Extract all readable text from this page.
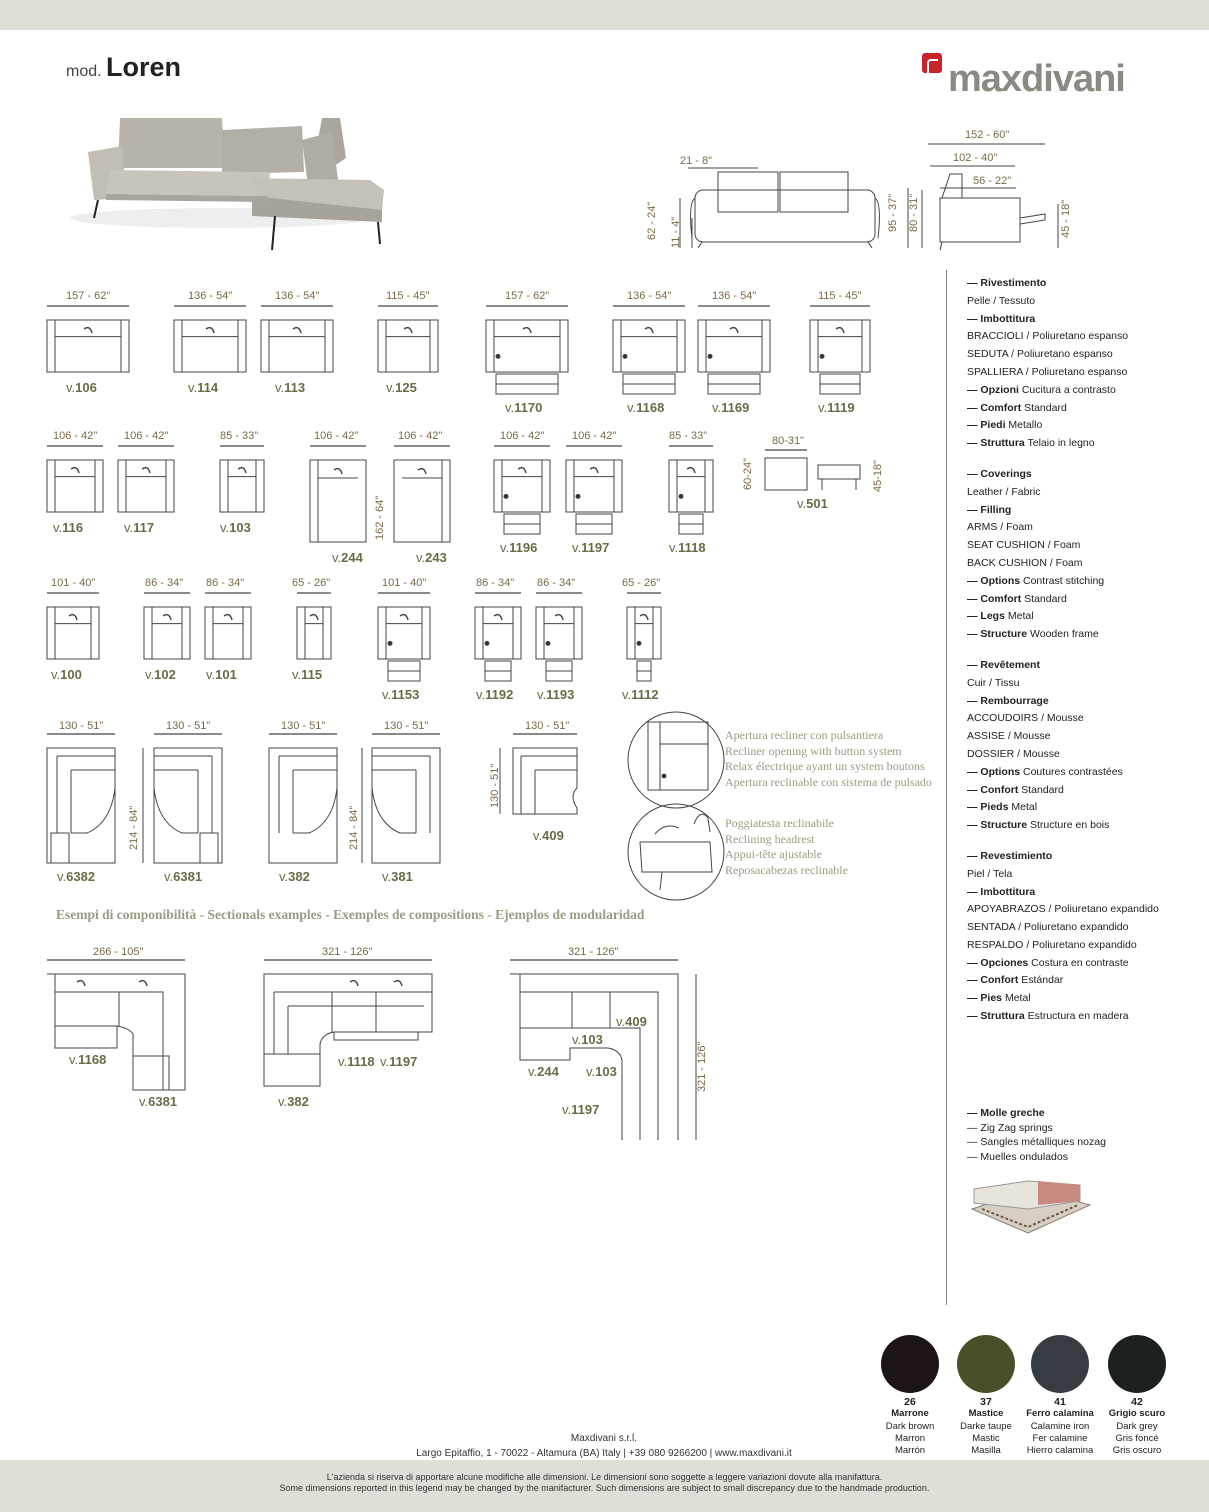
mod. Loren	maxdivani
21 - 8"
152 - 60"
102 - 40"
56 - 22"
62 - 24" 11 - 4"
95 - 37" 80 - 31"	45 - 18"
157 - 62"
v.106
136 - 54"
v.114
136 - 54"
v.113
115 - 45"
v.125
157 - 62"
v.1170
136 - 54"
v.1168
136 - 54"
v.1169
115 - 45"
v.1119
106 - 42"
v.116
106 - 42"
v.117
85 - 33"
v.103
106 - 42"
v.244
106 - 42"
v.243
162 - 64"
106 - 42"
v.1196
106 - 42"
v.1197
85 - 33"
v.1118
80-31"
60-24"	45-18"
v.501
101 - 40"
v.100
86 - 34"
v.102
86 - 34"
v.101
65 - 26"
v.115
101 - 40"
v.1153
86 - 34"
v.1192
86 - 34"
v.1193
65 - 26"
v.1112
130 - 51"
v.6382
130 - 51"
v.6381
130 - 51"
v.382
130 - 51"
v.381
214 - 84"	214 - 84"
130 - 51"
130 - 51"
v.409
266 - 105"
v.1168
v.6381
321 - 126"
v.1118 v.1197
v.382
321 - 126"
321 - 126"
v.409
v.103
v.244 v.103
v.1197
Apertura recliner con pulsantiera
Recliner opening with button system
Relax électrique ayant un system boutons
Apertura reclinable con sistema de pulsado
Poggiatesta reclinabile
Reclining headrest
Appui-tête ajustable
Reposacabezas reclinable
Esempi di componibilità - Sectionals examples - Exemples de compositions - Ejemplos de modularidad
— Rivestimento
Pelle / Tessuto
— Imbottitura
BRACCIOLI / Poliuretano espanso
SEDUTA / Poliuretano espanso
SPALLIERA / Poliuretano espanso
— Opzioni Cucitura a contrasto
— Comfort Standard
— Piedi Metallo
— Struttura Telaio in legno
— Coverings
Leather / Fabric
— Filling
ARMS / Foam
SEAT CUSHION / Foam
BACK CUSHION / Foam
— Options Contrast stitching
— Comfort Standard
— Legs Metal
— Structure Wooden frame
— Revêtement
Cuir / Tissu
— Rembourrage
ACCOUDOIRS / Mousse
ASSISE / Mousse
DOSSIER / Mousse
— Options Coutures contrastées
— Confort Standard
— Pieds Metal
— Structure Structure en bois
— Revestimiento
Piel / Tela
— Imbottitura
APOYABRAZOS / Poliuretano expandido
SENTADA / Poliuretano expandido
RESPALDO / Poliuretano expandido
— Opciones Costura en contraste
— Confort Estándar
— Pies Metal
— Struttura Estructura en madera
— Molle greche
— Zig Zag springs
— Sangles métalliques nozag
— Muelles ondulados
26
Marrone
Dark brown
Marron
Marrón
37
Mastice
Darke taupe
Mastic
Masilla
41
Ferro calamina
Calamine iron
Fer calamine
Hierro calamina
42
Grigio scuro
Dark grey
Gris foncé
Gris oscuro
Maxdivani s.r.l.
Largo Epitaffio, 1 - 70022 - Altamura (BA) Italy | +39 080 9266200 | www.maxdivani.it
L'azienda si riserva di apportare alcune modifiche alle dimensioni. Le dimensioni sono soggette a leggere variazioni dovute alla manifattura.
Some dimensions reported in this legend may be changed by the manifacturer. Such dimensions are subject to small discrepancy due to the handmade production.
